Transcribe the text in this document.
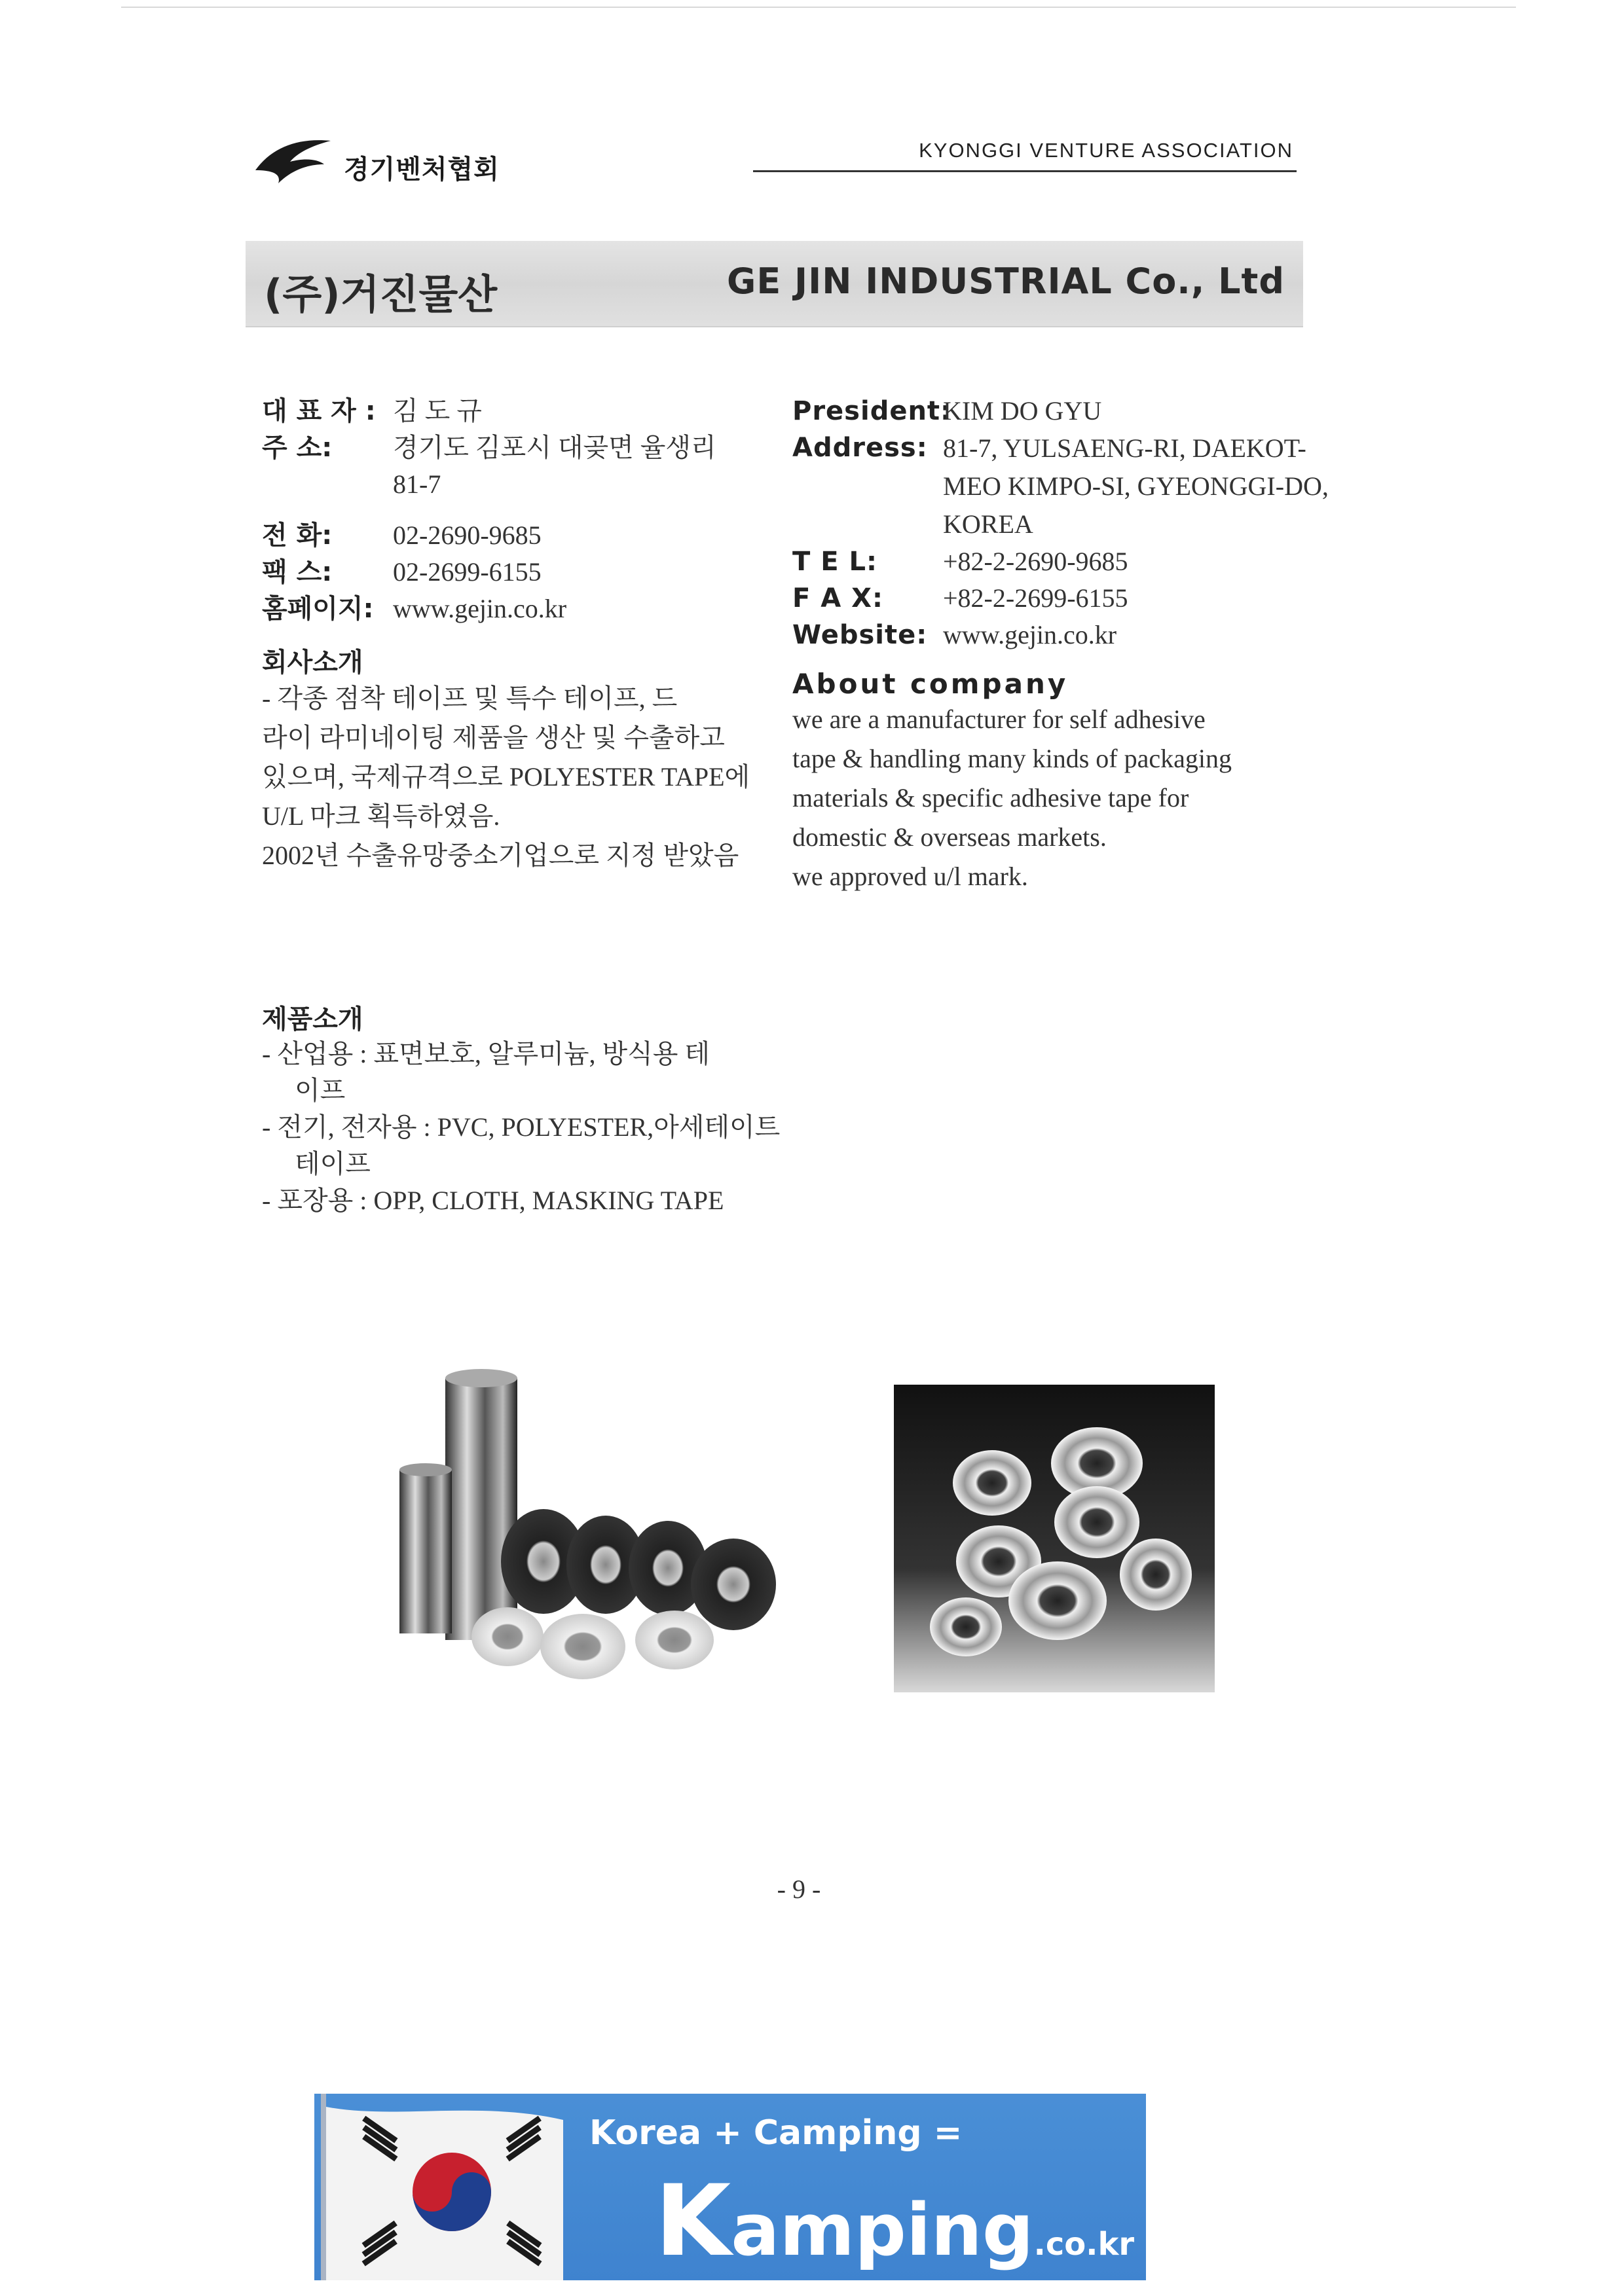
경기벤처협회
KYONGGI VENTURE ASSOCIATION
(주)거진물산	GE JIN INDUSTRIAL Co., Ltd
대 표 자 : 김 도 규
주 소: 경기도 김포시 대곶면 율생리
81-7
전 화: 02-2690-9685
팩 스: 02-2699-6155
홈페이지: www.gejin.co.kr
회사소개
- 각종 점착 테이프 및 특수 테이프, 드
라이 라미네이팅 제품을 생산 및 수출하고
있으며, 국제규격으로 POLYESTER TAPE에
U/L 마크 획득하였음.
2002년 수출유망중소기업으로 지정 받았음
President:KIM DO GYU
Address: 81-7, YULSAENG-RI, DAEKOT-
MEO KIMPO-SI, GYEONGGI-DO,
KOREA
T E L:	+82-2-2690-9685
F A X: +82-2-2699-6155
Website: www.gejin.co.kr
About company
we are a manufacturer for self adhesive
tape & handling many kinds of packaging
materials & specific adhesive tape for
domestic & overseas markets.
we approved u/l mark.
제품소개
- 산업용 : 표면보호, 알루미늄, 방식용 테
이프
- 전기, 전자용 : PVC, POLYESTER,아세테이트
테이프
- 포장용 : OPP, CLOTH, MASKING TAPE
- 9 -
Korea + Camping =
Kamping.co.kr
